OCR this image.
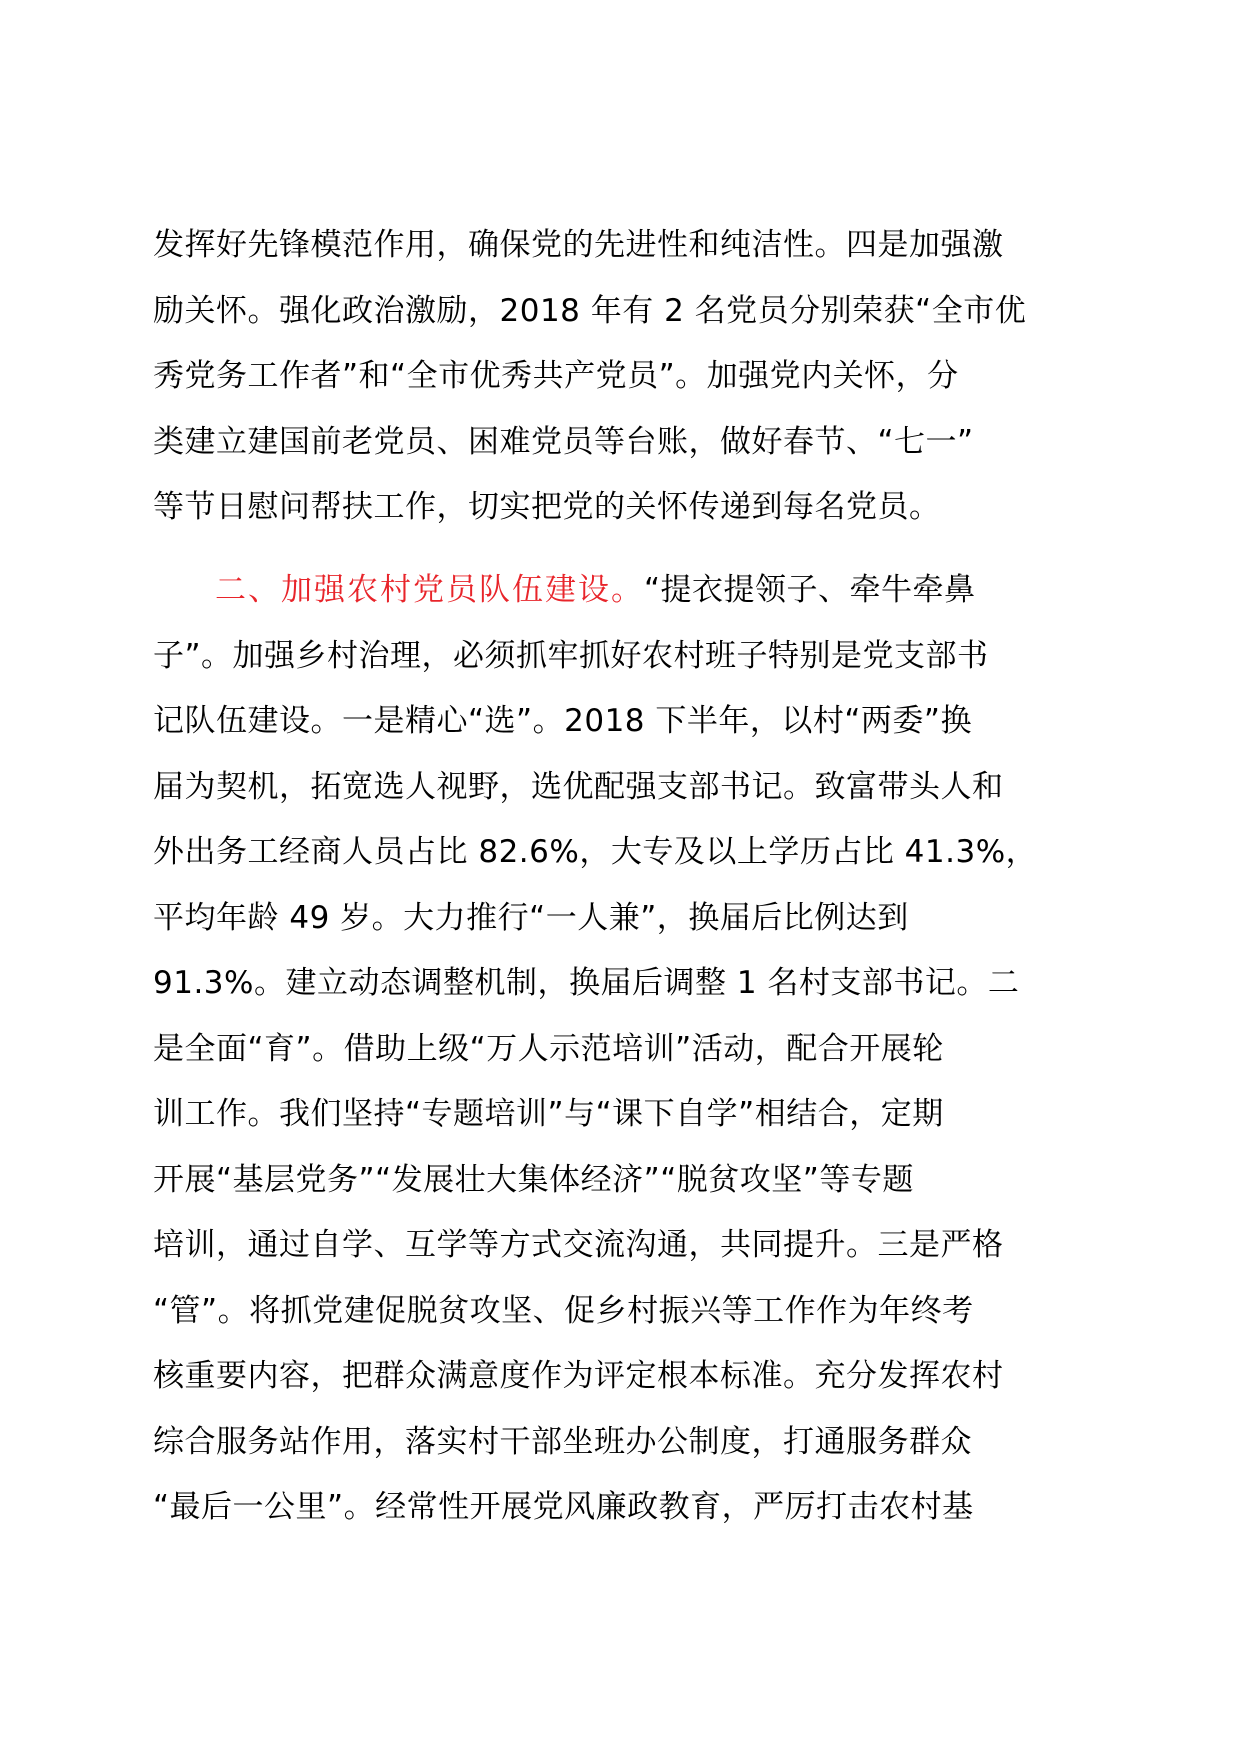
发挥好先锋模范作用，确保党的先进性和纯洁性。四是加强激
励关怀。强化政治激励，2018 年有 2 名党员分别荣获“全市优
秀党务工作者”和“全市优秀共产党员”。加强党内关怀，分
类建立建国前老党员、困难党员等台账，做好春节、“七一”
等节日慰问帮扶工作，切实把党的关怀传递到每名党员。
二、加强农村党员队伍建设。“提衣提领子、牵牛牵鼻
子”。加强乡村治理，必须抓牢抓好农村班子特别是党支部书
记队伍建设。一是精心“选”。2018 下半年，以村“两委”换
届为契机，拓宽选人视野，选优配强支部书记。致富带头人和
外出务工经商人员占比 82.6%，大专及以上学历占比 41.3%，
平均年龄 49 岁。大力推行“一人兼”，换届后比例达到
91.3%。建立动态调整机制，换届后调整 1 名村支部书记。二
是全面“育”。借助上级“万人示范培训”活动，配合开展轮
训工作。我们坚持“专题培训”与“课下自学”相结合，定期
开展“基层党务”“发展壮大集体经济”“脱贫攻坚”等专题
培训，通过自学、互学等方式交流沟通，共同提升。三是严格
“管”。将抓党建促脱贫攻坚、促乡村振兴等工作作为年终考
核重要内容，把群众满意度作为评定根本标准。充分发挥农村
综合服务站作用，落实村干部坐班办公制度，打通服务群众
“最后一公里”。经常性开展党风廉政教育，严厉打击农村基
